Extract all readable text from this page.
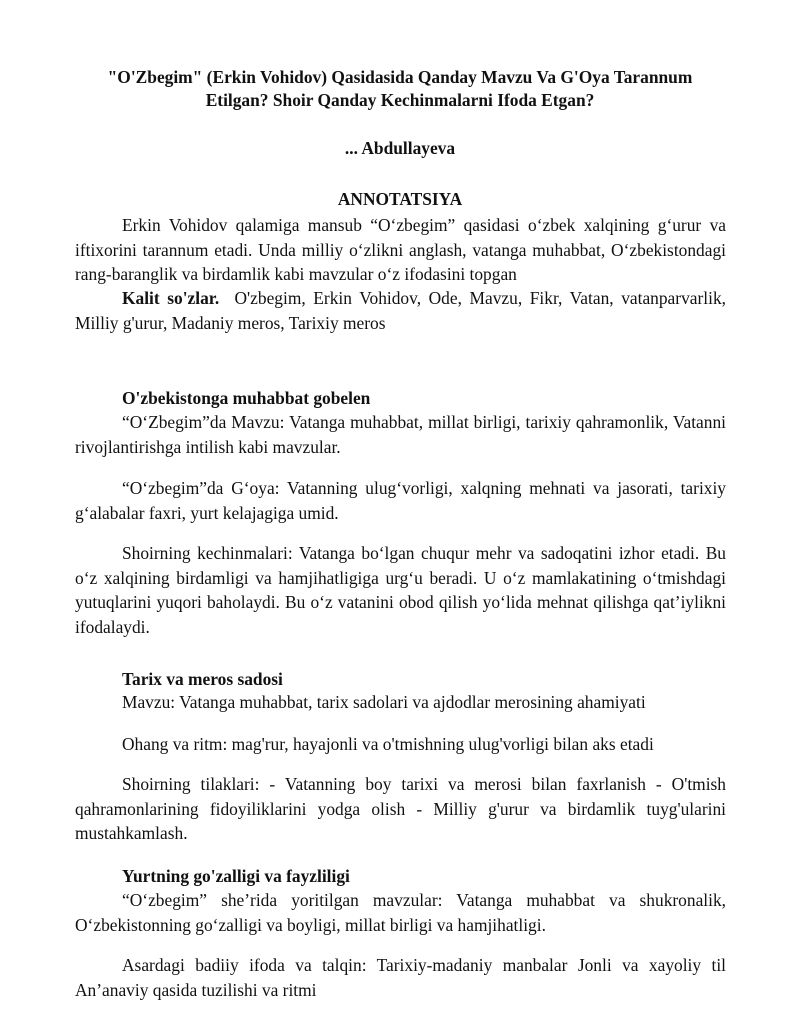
"O'Zbegim" (Erkin Vohidov) Qasidasida Qanday Mavzu Va G'Oya Tarannum Etilgan? Shoir Qanday Kechinmalarni Ifoda Etgan?
... Abdullayeva
ANNOTATSIYA

Erkin Vohidov qalamiga mansub “O‘zbegim” qasidasi o‘zbek xalqining g‘urur va iftixorini tarannum etadi. Unda milliy o‘zlikni anglash, vatanga muhabbat, O‘zbekistondagi rang-baranglik va birdamlik kabi mavzular o‘z ifodasini topgan

Kalit so'zlar. O'zbegim, Erkin Vohidov, Ode, Mavzu, Fikr, Vatan, vatanparvarlik, Milliy g'urur, Madaniy meros, Tarixiy meros

O'zbekistonga muhabbat gobelen

“O‘Zbegim”da Mavzu: Vatanga muhabbat, millat birligi, tarixiy qahramonlik, Vatanni rivojlantirishga intilish kabi mavzular.

“O‘zbegim”da G‘oya: Vatanning ulug‘vorligi, xalqning mehnati va jasorati, tarixiy g‘alabalar faxri, yurt kelajagiga umid.

Shoirning kechinmalari: Vatanga bo‘lgan chuqur mehr va sadoqatini izhor etadi. Bu o‘z xalqining birdamligi va hamjihatligiga urg‘u beradi. U o‘z mamlakatining o‘tmishdagi yutuqlarini yuqori baholaydi. Bu o‘z vatanini obod qilish yo‘lida mehnat qilishga qat’iylikni ifodalaydi.

Tarix va meros sadosi

Mavzu: Vatanga muhabbat, tarix sadolari va ajdodlar merosining ahamiyati

Ohang va ritm: mag'rur, hayajonli va o'tmishning ulug'vorligi bilan aks etadi

Shoirning tilaklari: - Vatanning boy tarixi va merosi bilan faxrlanish - O'tmish qahramonlarining fidoyiliklarini yodga olish - Milliy g'urur va birdamlik tuyg'ularini mustahkamlash.

Yurtning go'zalligi va fayzliligi

“O‘zbegim” she’rida yoritilgan mavzular: Vatanga muhabbat va shukronalik, O‘zbekistonning go‘zalligi va boyligi, millat birligi va hamjihatligi.

Asardagi badiiy ifoda va talqin: Tarixiy-madaniy manbalar Jonli va xayoliy til An’anaviy qasida tuzilishi va ritmi
